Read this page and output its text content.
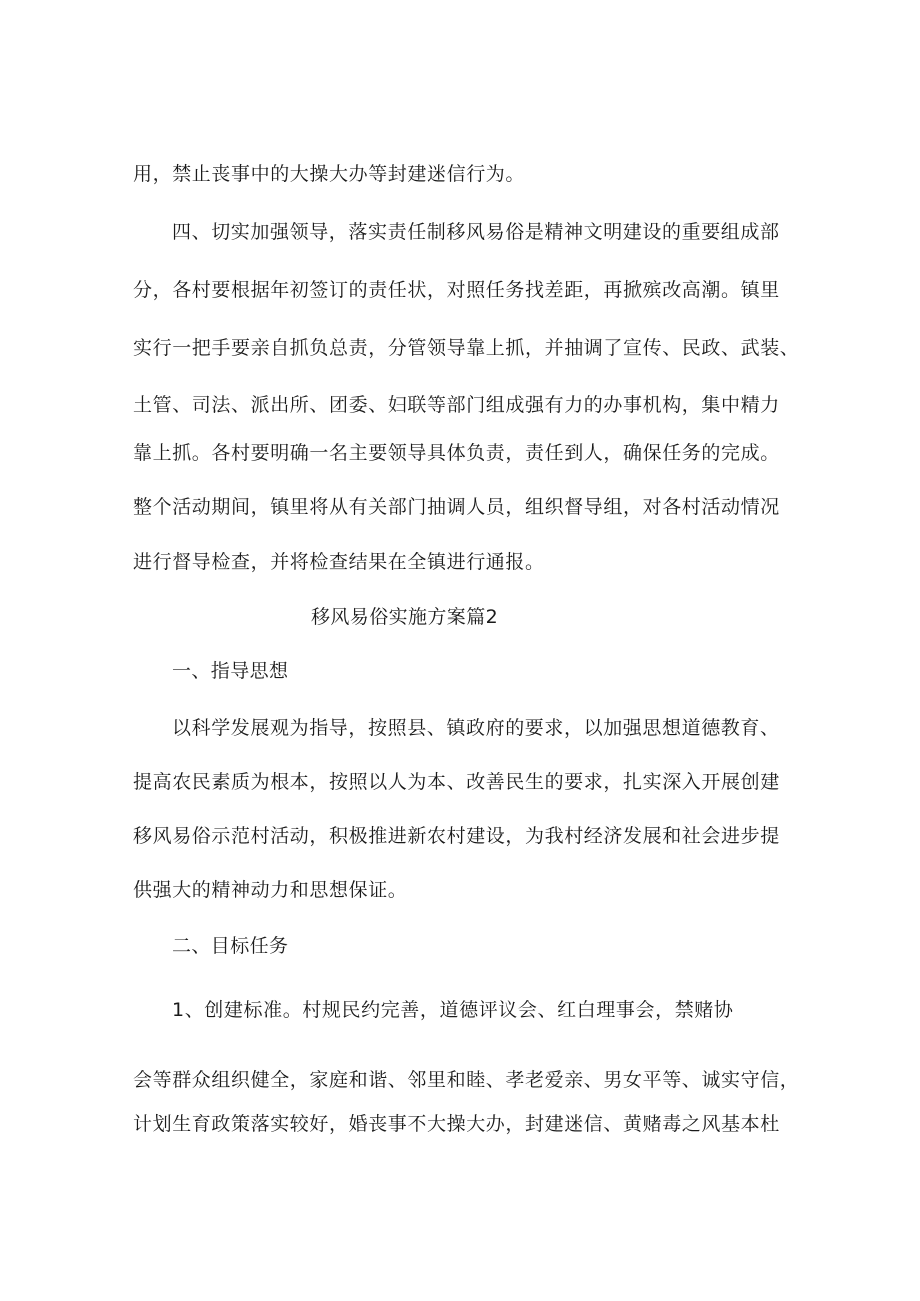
用，禁止丧事中的大操大办等封建迷信行为。

四、切实加强领导，落实责任制移风易俗是精神文明建设的重要组成部

分，各村要根据年初签订的责任状，对照任务找差距，再掀殡改高潮。镇里

实行一把手要亲自抓负总责，分管领导靠上抓，并抽调了宣传、民政、武装、

土管、司法、派出所、团委、妇联等部门组成强有力的办事机构，集中精力

靠上抓。各村要明确一名主要领导具体负责，责任到人，确保任务的完成。

整个活动期间，镇里将从有关部门抽调人员，组织督导组，对各村活动情况

进行督导检查，并将检查结果在全镇进行通报。

移风易俗实施方案篇2

一、指导思想

以科学发展观为指导，按照县、镇政府的要求，以加强思想道德教育、

提高农民素质为根本，按照以人为本、改善民生的要求，扎实深入开展创建

移风易俗示范村活动，积极推进新农村建设，为我村经济发展和社会进步提

供强大的精神动力和思想保证。

二、目标任务

1、创建标准。村规民约完善，道德评议会、红白理事会，禁赌协

会等群众组织健全，家庭和谐、邻里和睦、孝老爱亲、男女平等、诚实守信，

计划生育政策落实较好，婚丧事不大操大办，封建迷信、黄赌毒之风基本杜
